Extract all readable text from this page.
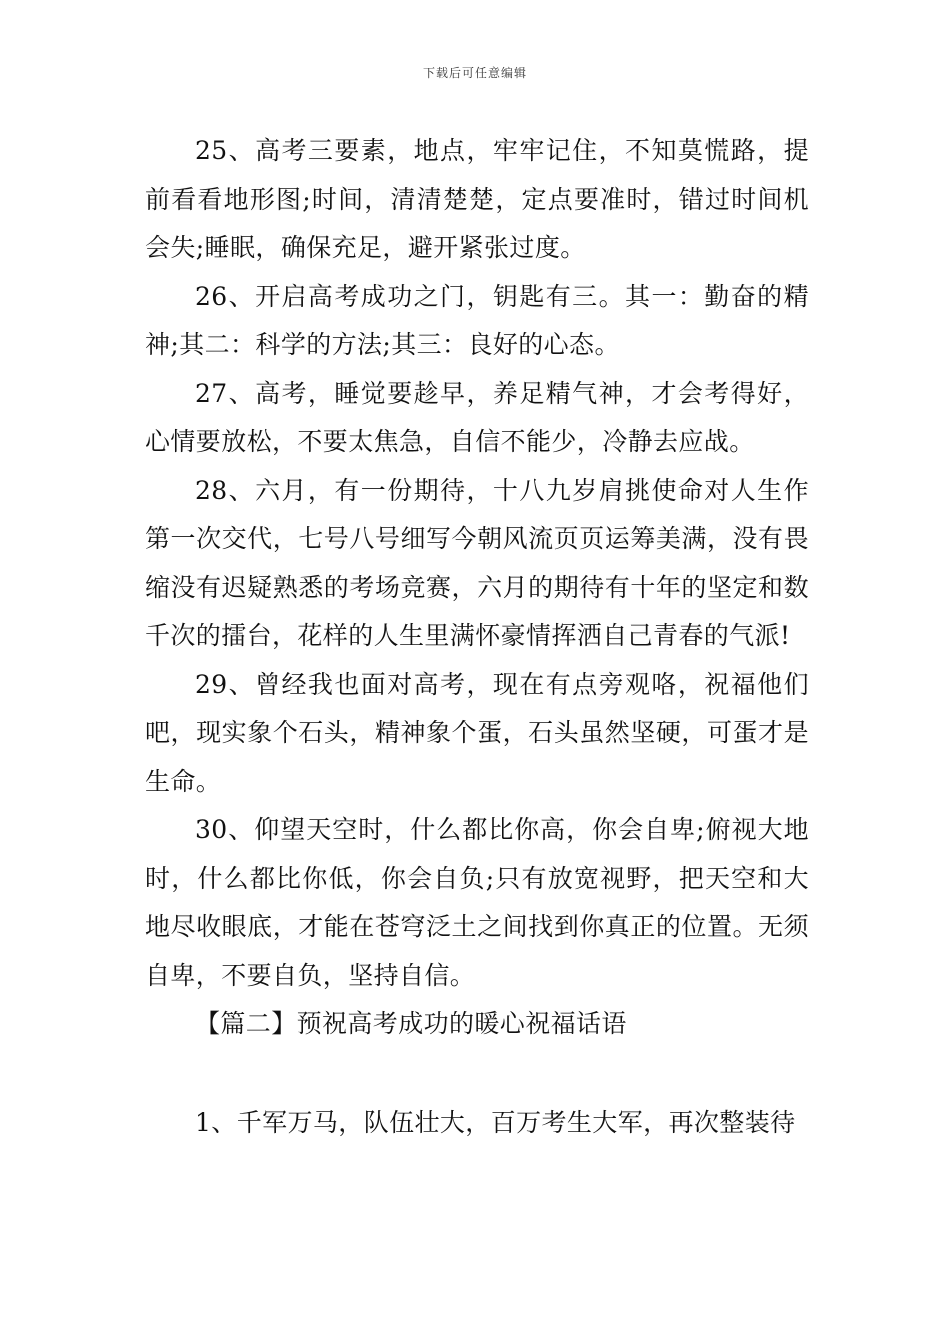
下载后可任意编辑

25、高考三要素，地点，牢牢记住，不知莫慌路，提前看看地形图;时间，清清楚楚，定点要准时，错过时间机会失;睡眠，确保充足，避开紧张过度。

26、开启高考成功之门，钥匙有三。其一：勤奋的精神;其二：科学的方法;其三：良好的心态。

27、高考，睡觉要趁早，养足精气神，才会考得好，心情要放松，不要太焦急，自信不能少，冷静去应战。

28、六月，有一份期待，十八九岁肩挑使命对人生作第一次交代，七号八号细写今朝风流页页运筹美满，没有畏缩没有迟疑熟悉的考场竞赛，六月的期待有十年的坚定和数千次的擂台，花样的人生里满怀豪情挥洒自己青春的气派!

29、曾经我也面对高考，现在有点旁观咯，祝福他们吧，现实象个石头，精神象个蛋，石头虽然坚硬，可蛋才是生命。

30、仰望天空时，什么都比你高，你会自卑;俯视大地时，什么都比你低，你会自负;只有放宽视野，把天空和大地尽收眼底，才能在苍穹泛土之间找到你真正的位置。无须自卑，不要自负，坚持自信。

【篇二】预祝高考成功的暖心祝福话语

1、千军万马，队伍壮大，百万考生大军，再次整装待
